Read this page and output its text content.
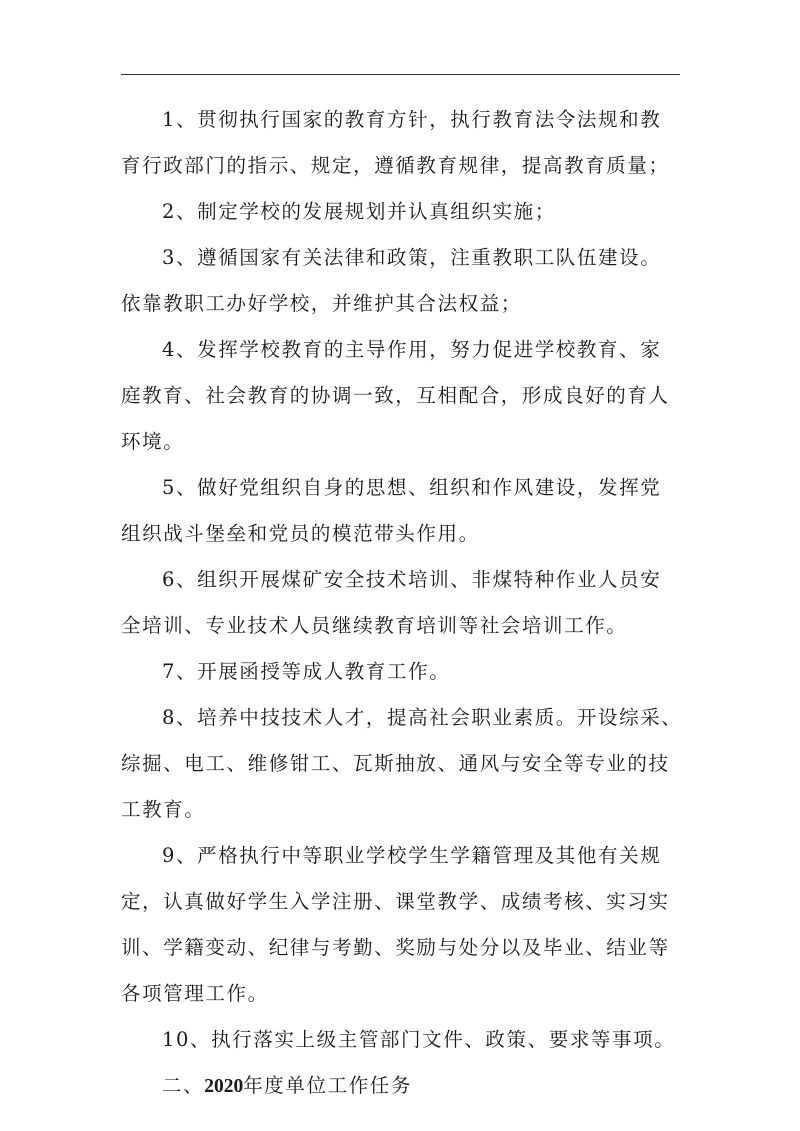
1、贯彻执行国家的教育方针，执行教育法令法规和教
育行政部门的指示、规定，遵循教育规律，提高教育质量；

2、制定学校的发展规划并认真组织实施；

3、遵循国家有关法律和政策，注重教职工队伍建设。
依靠教职工办好学校，并维护其合法权益；

4、发挥学校教育的主导作用，努力促进学校教育、家
庭教育、社会教育的协调一致，互相配合，形成良好的育人
环境。

5、做好党组织自身的思想、组织和作风建设，发挥党
组织战斗堡垒和党员的模范带头作用。

6、组织开展煤矿安全技术培训、非煤特种作业人员安
全培训、专业技术人员继续教育培训等社会培训工作。

7、开展函授等成人教育工作。

8、培养中技技术人才，提高社会职业素质。开设综采、
综掘、电工、维修钳工、瓦斯抽放、通风与安全等专业的技
工教育。

9、严格执行中等职业学校学生学籍管理及其他有关规
定，认真做好学生入学注册、课堂教学、成绩考核、实习实
训、学籍变动、纪律与考勤、奖励与处分以及毕业、结业等
各项管理工作。

10、执行落实上级主管部门文件、政策、要求等事项。

二、2020年度单位工作任务
